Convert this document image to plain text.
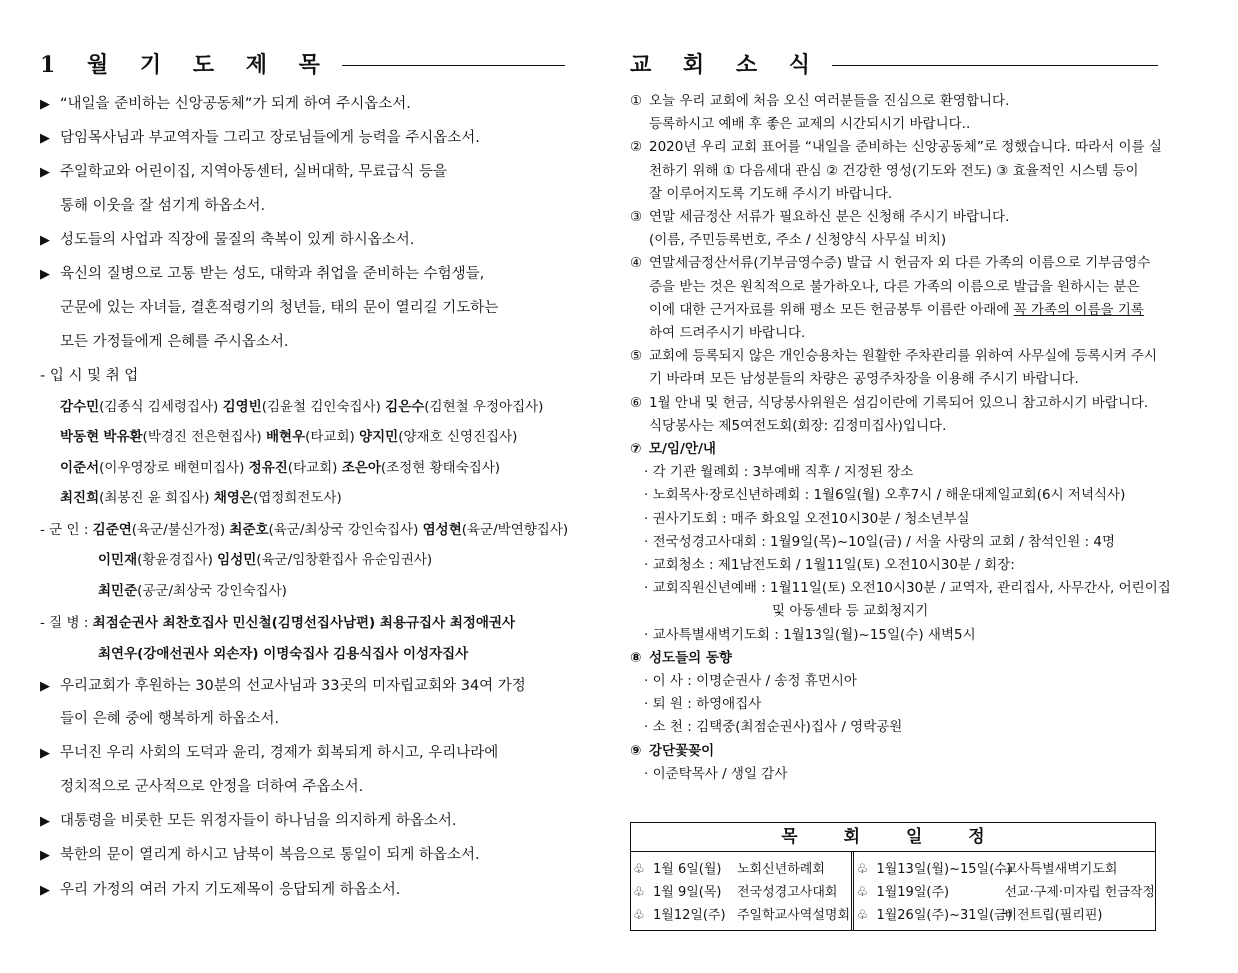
1 월 기 도 제 목
▶ “내일을 준비하는 신앙공동체”가 되게 하여 주시옵소서.
▶ 담임목사님과 부교역자들 그리고 장로님들에게 능력을 주시옵소서.
▶ 주일학교와 어린이집, 지역아동센터, 실버대학, 무료급식 등을
통해 이웃을 잘 섬기게 하옵소서.
▶ 성도들의 사업과 직장에 물질의 축복이 있게 하시옵소서.
▶ 육신의 질병으로 고통 받는 성도, 대학과 취업을 준비하는 수험생들,
군문에 있는 자녀들, 결혼적령기의 청년들, 태의 문이 열리길 기도하는
모든 가정들에게 은혜를 주시옵소서.
- 입 시 및 취 업
감수민(김종식 김세령집사) 김영빈(김윤철 김인숙집사) 김은수(김현철 우정아집사)
박동현 박유환(박경진 전은현집사) 배현우(타교회) 양지민(양재호 신영진집사)
이준서(이우영장로 배현미집사) 정유진(타교회) 조은아(조정현 황태숙집사)
최진희(최봉진 윤 희집사) 채영은(엽정희전도사)
- 군 인 : 김준연(육군/불신가정) 최준호(육군/최상국 강인숙집사) 염성현(육군/박연향집사)
이민재(황윤경집사) 임성민(육군/임창환집사 유순임권사)
최민준(공군/최상국 강인숙집사)
- 질 병 : 최점순권사 최찬호집사 민신철(김명선집사남편) 최용규집사 최정애권사
최연우(강애선권사 외손자) 이명숙집사 김용식집사 이성자집사
▶ 우리교회가 후원하는 30분의 선교사님과 33곳의 미자립교회와 34여 가정
들이 은혜 중에 행복하게 하옵소서.
▶ 무너진 우리 사회의 도덕과 윤리, 경제가 회복되게 하시고, 우리나라에
정치적으로 군사적으로 안정을 더하여 주옵소서.
▶ 대통령을 비롯한 모든 위정자들이 하나님을 의지하게 하옵소서.
▶ 북한의 문이 열리게 하시고 남북이 복음으로 통일이 되게 하옵소서.
▶ 우리 가정의 여러 가지 기도제목이 응답되게 하옵소서.
교 회 소 식
① 오늘 우리 교회에 처음 오신 여러분들을 진심으로 환영합니다.
등록하시고 예배 후 좋은 교제의 시간되시기 바랍니다..
② 2020년 우리 교회 표어를 “내일을 준비하는 신앙공동체”로 정했습니다. 따라서 이를 실
천하기 위해 ① 다음세대 관심 ② 건강한 영성(기도와 전도) ③ 효율적인 시스템 등이
잘 이루어지도록 기도해 주시기 바랍니다.
③ 연말 세금정산 서류가 필요하신 분은 신청해 주시기 바랍니다.
(이름, 주민등록번호, 주소 / 신청양식 사무실 비치)
④ 연말세금정산서류(기부금영수증) 발급 시 헌금자 외 다른 가족의 이름으로 기부금영수
증을 받는 것은 원칙적으로 불가하오나, 다른 가족의 이름으로 발급을 원하시는 분은
이에 대한 근거자료를 위해 평소 모든 헌금봉투 이름란 아래에 꼭 가족의 이름을 기록
하여 드려주시기 바랍니다.
⑤ 교회에 등록되지 않은 개인승용차는 원활한 주차관리를 위하여 사무실에 등록시켜 주시
기 바라며 모든 남성분들의 차량은 공영주차장을 이용해 주시기 바랍니다.
⑥ 1월 안내 및 헌금, 식당봉사위원은 섬김이란에 기록되어 있으니 참고하시기 바랍니다.
식당봉사는 제5여전도회(회장: 김정미집사)입니다.
⑦ 모/임/안/내
· 각 기관 월례회 : 3부예배 직후 / 지정된 장소
· 노회목사·장로신년하례회 : 1월6일(월) 오후7시 / 해운대제일교회(6시 저녁식사)
· 권사기도회 : 매주 화요일 오전10시30분 / 청소년부실
· 전국성경고사대회 : 1월9일(목)~10일(금) / 서울 사랑의 교회 / 참석인원 : 4명
· 교회청소 : 제1남전도회 / 1월11일(토) 오전10시30분 / 회장:
· 교회직원신년예배 : 1월11일(토) 오전10시30분 / 교역자, 관리집사, 사무간사, 어린이집
및 아동센타 등 교회청지기
· 교사특별새벽기도회 : 1월13일(월)~15일(수) 새벽5시
⑧ 성도들의 동향
· 이 사 : 이명순권사 / 송정 휴먼시아
· 퇴 원 : 하영애집사
· 소 천 : 김택중(최점순권사)집사 / 영락공원
⑨ 강단꽃꽂이
· 이준탁목사 / 생일 감사
목 회 일 정
♧ 1월 6일(월) 노회신년하례회
♧ 1월 9일(목) 전국성경고사대회
♧ 1월12일(주) 주일학교사역설명회
♧ 1월13일(월)~15일(수)교사특별새벽기도회
♧ 1월19일(주)	선교·구제·미자립 헌금작정
♧ 1월26일(주)~31일(금)비전트립(필리핀)
